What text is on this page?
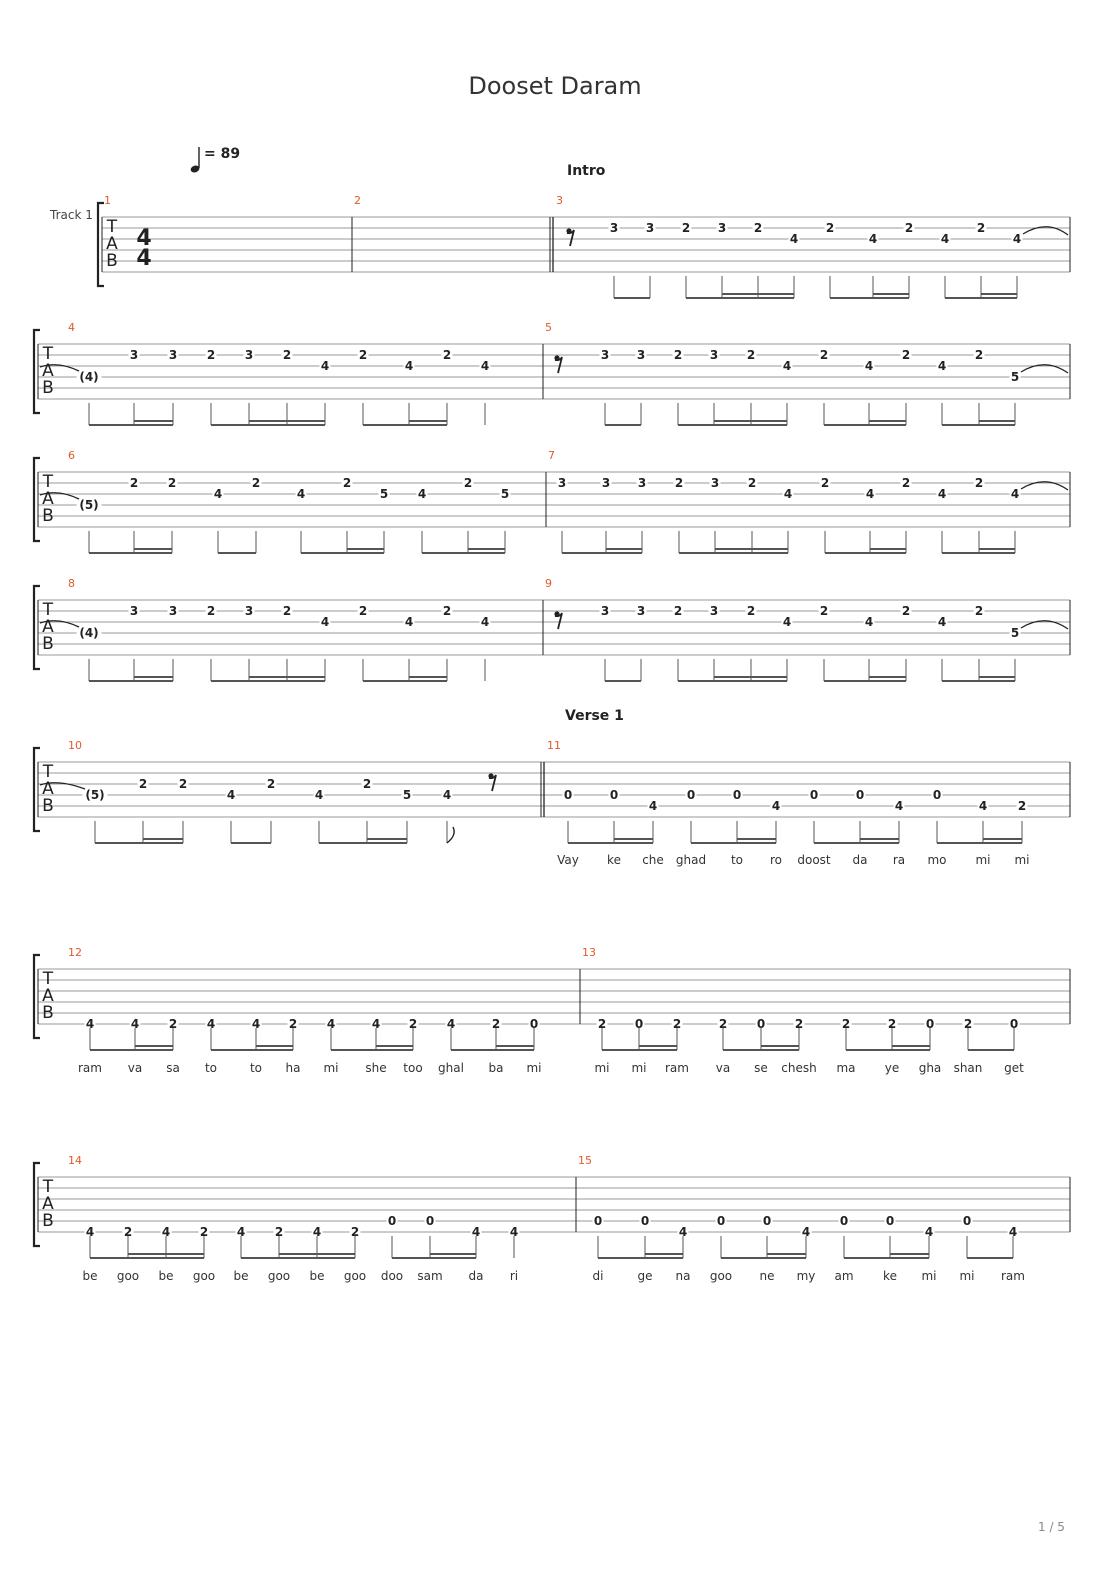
Dooset Daram
= 89
Intro
Verse 1
Track 1
T
A
B
4
4
1	2	3
3 3 2 3 2
4
2
4
2
4
2
4
T
A
B
4
(4)
3	3 2 3 2
4
2
4
2
4
5
3 3 2 3 2
4
2
4
2
4
2
5
T
A
B
6
(5)
2 2
4
2
4
2
5 4
2
5
7
3	3 3 2 3 2
4
2
4
2
4
2
4
T
A
B
8
(4)
3	3 2 3 2
4
2
4
2
4
9
3 3 2 3 2
4
2
4
2
4
2
5
T
A
B
10
(5)
2	2
4
2
4
2
5	4
11
0
Vay
0
ke
4
che
0
ghad
0
to
4
ro
0
doost
0
da
4
ra
0
mo
4
mi
2
mi
T
A
B
12
4
ram
4
va
2
sa
4
to
4
to
2
ha
4
mi
4
she
2
too
4
ghal
2
ba
0
mi
13
2
mi
0
mi
2
ram
2
va
0
se
2
chesh
2
ma
2
ye
0
gha
2
shan
0
get
T
A
B
14
4
be
2
goo
4
be
2
goo
4
be
2
goo
4
be
2
goo
0
doo
0
sam
4
da
4
ri
15
0
di
0
ge
4
na
0
goo
0
ne
4
my
0
am
0
ke
4
mi
0
mi
4
ram
1 / 5
